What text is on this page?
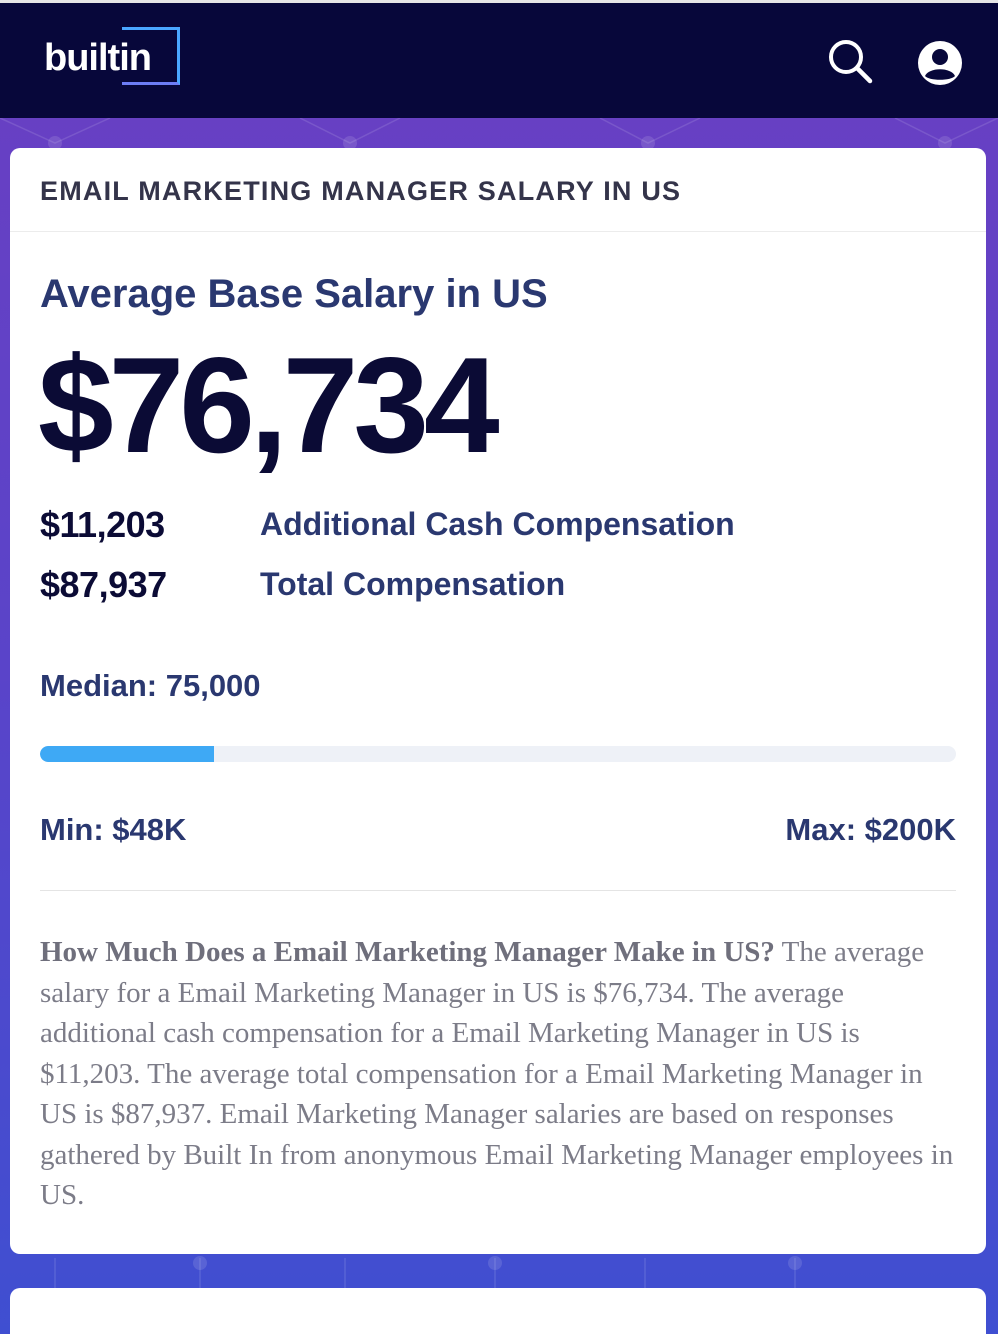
builtin
EMAIL MARKETING MANAGER SALARY IN US
Average Base Salary in US
$76,734
$11,203	Additional Cash Compensation
$87,937	Total Compensation
Median: 75,000
Min: $48K	Max: $200K

How Much Does a Email Marketing Manager Make in US? The average salary for a Email Marketing Manager in US is $76,734. The average additional cash compensation for a Email Marketing Manager in US is $11,203. The average total compensation for a Email Marketing Manager in US is $87,937. Email Marketing Manager salaries are based on responses gathered by Built In from anonymous Email Marketing Manager employees in US.
